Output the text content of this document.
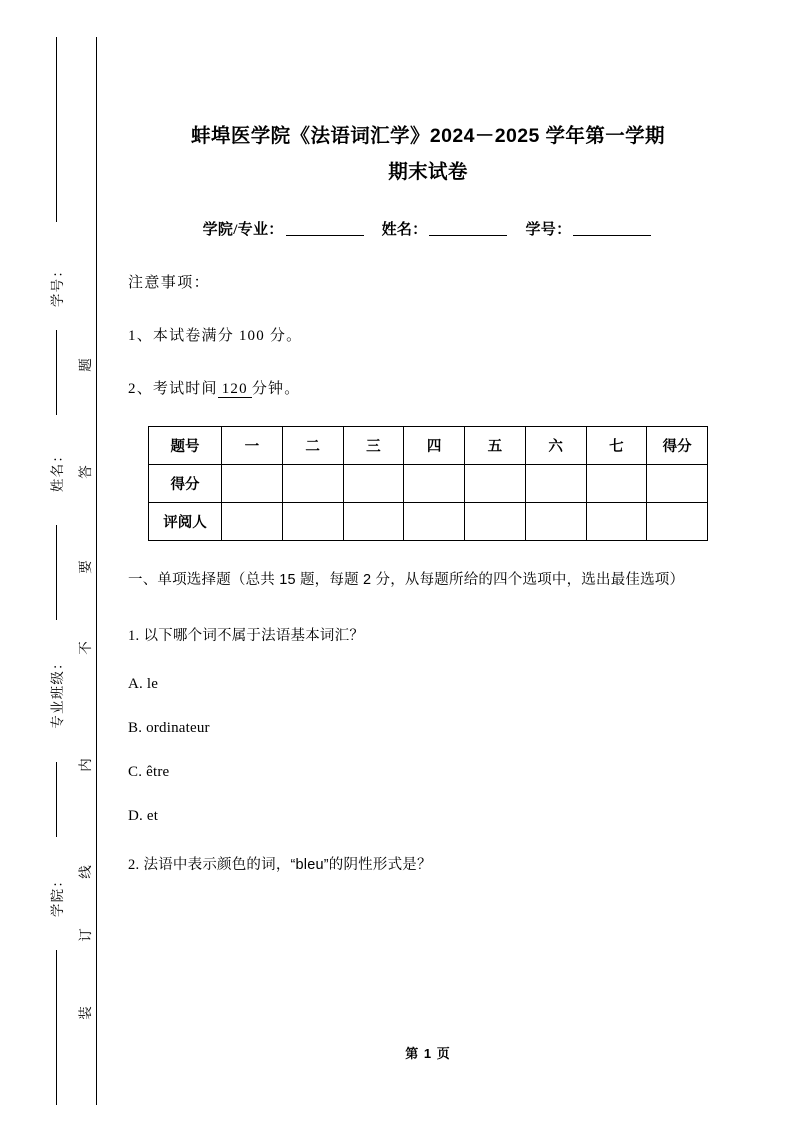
学号：
姓名：
专业班级：
学院：
题
答
要
不
内
线
订
装
蚌埠医学院《法语词汇学》2024－2025 学年第一学期
期末试卷
学院/专业：	姓名：	学号：

注意事项：

1、本试卷满分 100 分。

2、考试时间 120 分钟。

题号	一	二	三	四	五	六	七	得分
得分								
评阅人								

一、单项选择题（总共 15 题，每题 2 分，从每题所给的四个选项中，选出最佳选项）

1. 以下哪个词不属于法语基本词汇？

A. le

B. ordinateur

C. être

D. et

2. 法语中表示颜色的词，“bleu”的阴性形式是？

第 1 页
